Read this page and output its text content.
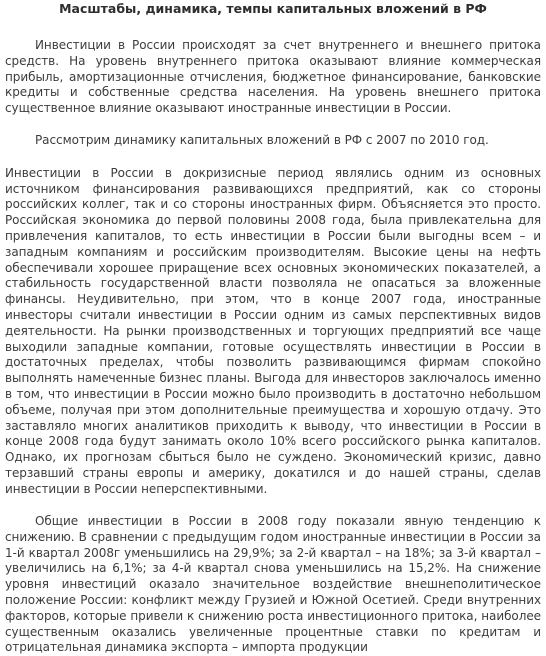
Масштабы, динамика, темпы капитальных вложений в РФ

Инвестиции в России происходят за счет внутреннего и внешнего притока средств. На уровень внутреннего притока оказывают влияние коммерческая прибыль, амортизационные отчисления, бюджетное финансирование, банковские кредиты и собственные средства населения. На уровень внешнего притока существенное влияние оказывают иностранные инвестиции в России.

Рассмотрим динамику капитальных вложений в РФ с 2007 по 2010 год.

Инвестиции в России в докризисные период являлись одним из основных источником финансирования развивающихся предприятий, как со стороны российских коллег, так и со стороны иностранных фирм. Объясняется это просто. Российская экономика до первой половины 2008 года, была привлекательна для привлечения капиталов, то есть инвестиции в России были выгодны всем – и западным компаниям и российским производителям. Высокие цены на нефть обеспечивали хорошее приращение всех основных экономических показателей, а стабильность государственной власти позволяла не опасаться за вложенные финансы. Неудивительно, при этом, что в конце 2007 года, иностранные инвесторы считали инвестиции в России одним из самых перспективных видов деятельности. На рынки производственных и торгующих предприятий все чаще выходили западные компании, готовые осуществлять инвестиции в России в достаточных пределах, чтобы позволить развивающимся фирмам спокойно выполнять намеченные бизнес планы. Выгода для инвесторов заключалось именно в том, что инвестиции в России можно было производить в достаточно небольшом объеме, получая при этом дополнительные преимущества и хорошую отдачу. Это заставляло многих аналитиков приходить к выводу, что инвестиции в России в конце 2008 года будут занимать около 10% всего российского рынка капиталов. Однако, их прогнозам сбыться было не суждено. Экономический кризис, давно терзавший страны европы и америку, докатился и до нашей страны, сделав инвестиции в России неперспективными.

Общие инвестиции в России в 2008 году показали явную тенденцию к снижению. В сравнении с предыдущим годом иностранные инвестиции в России за 1-й квартал 2008г уменьшились на 29,9%; за 2-й квартал – на 18%; за 3-й квартал – увеличились на 6,1%; за 4-й квартал снова уменьшились на 15,2%. На снижение уровня инвестиций оказало значительное воздействие внешнеполитическое положение России: конфликт между Грузией и Южной Осетией. Среди внутренних факторов, которые привели к снижению роста инвестиционного притока, наиболее существенным оказались увеличенные процентные ставки по кредитам и отрицательная динамика экспорта – импорта продукции
